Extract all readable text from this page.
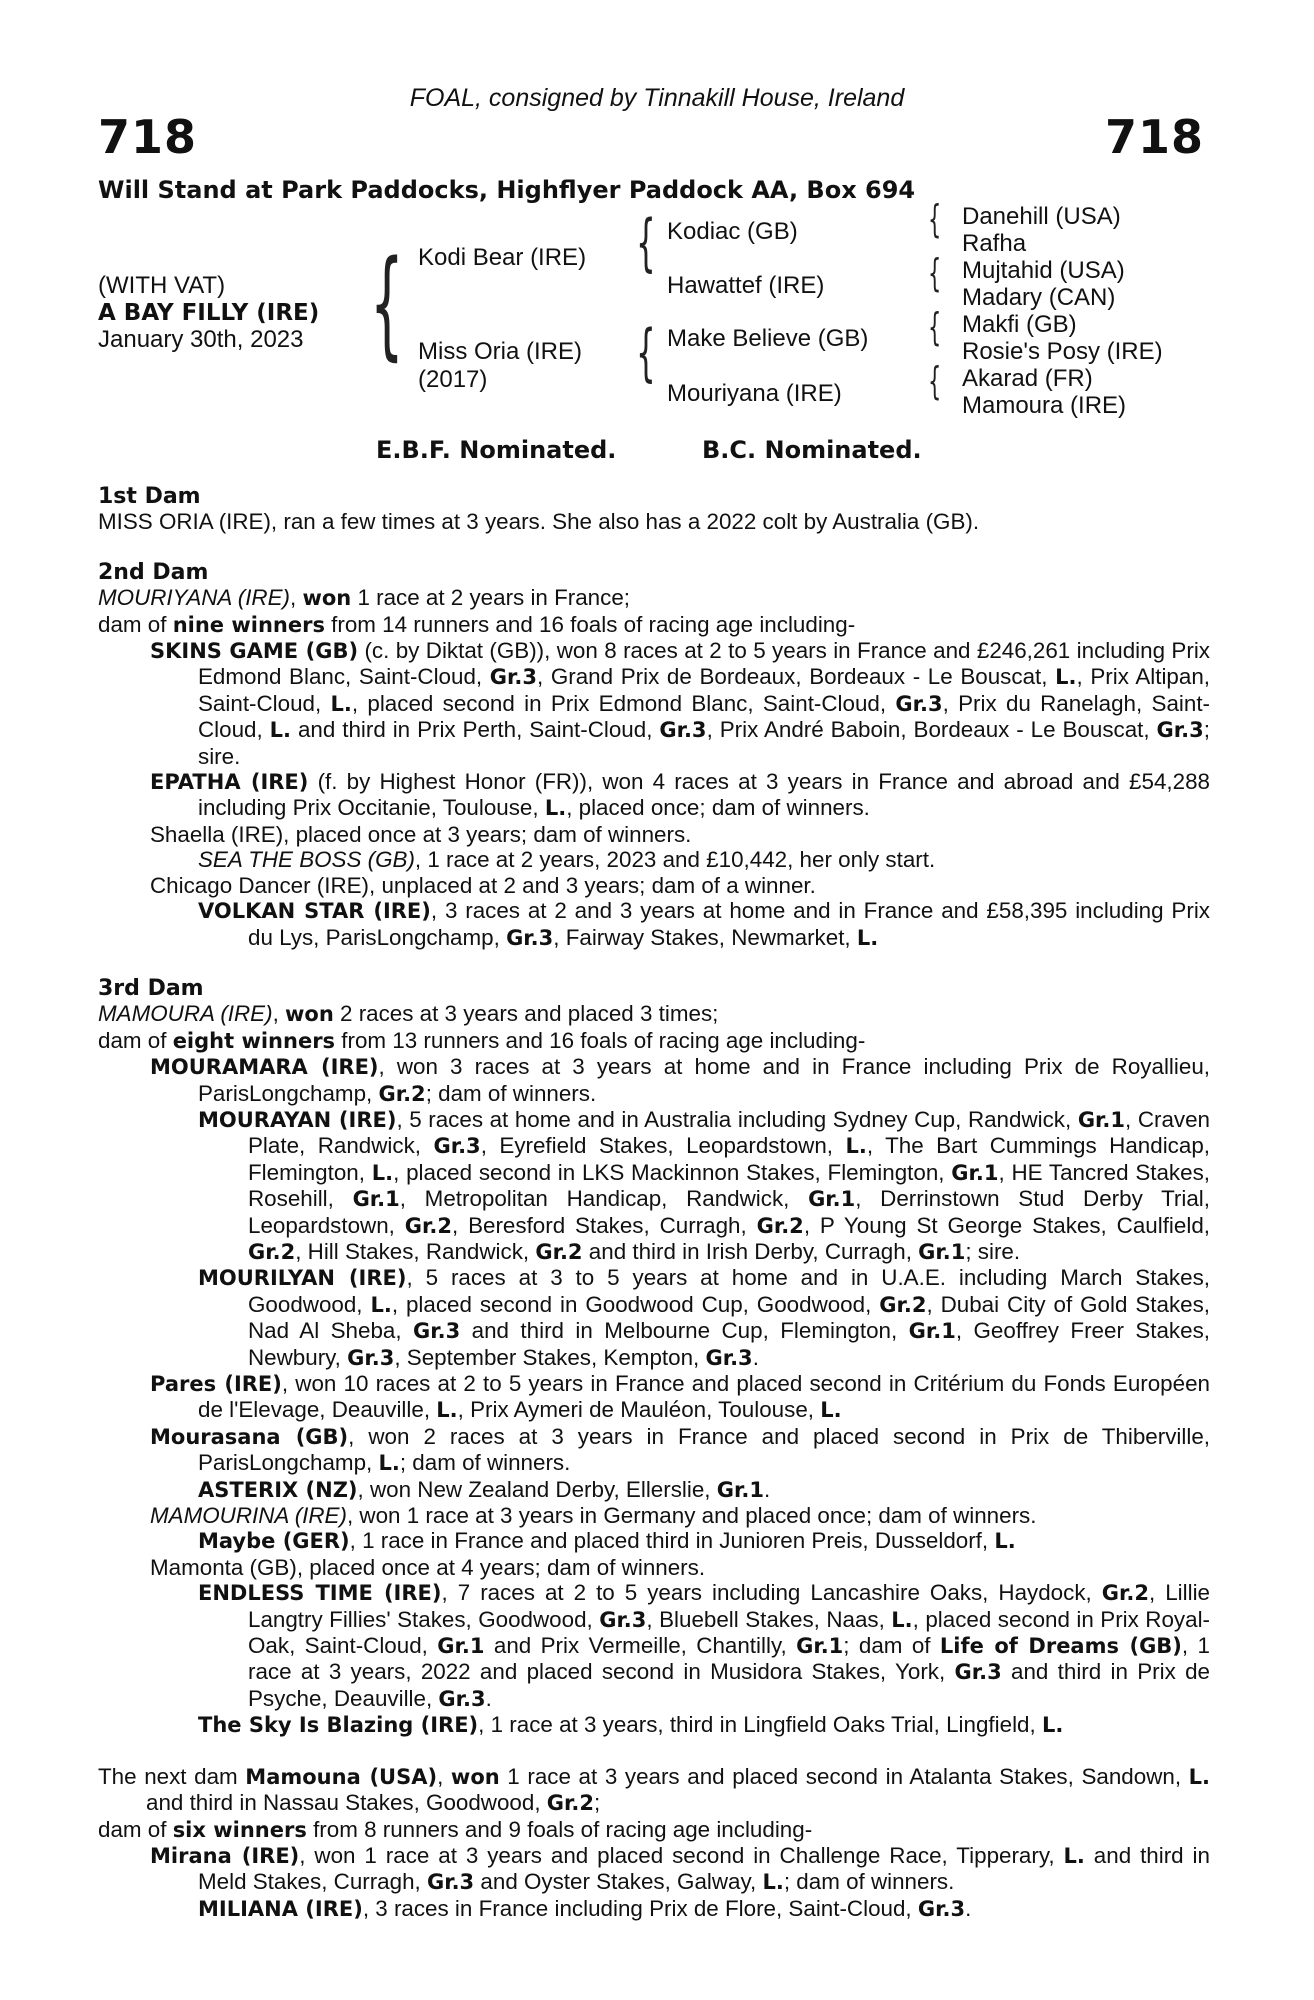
FOAL, consigned by Tinnakill House, Ireland
718	718
Will Stand at Park Paddocks, Highflyer Paddock AA, Box 694
(WITH VAT)
A BAY FILLY (IRE)
January 30th, 2023 { Kodi Bear (IRE)
Miss Oria (IRE)
(2017)
{
{
Kodiac (GB)
Hawattef (IRE)
Make Believe (GB)
Mouriyana (IRE)
{
{
{
{
Danehill (USA)
Rafha
Mujtahid (USA)
Madary (CAN)
Makfi (GB)
Rosie's Posy (IRE)
Akarad (FR)
Mamoura (IRE)
E.B.F. Nominated.	B.C. Nominated.
1st Dam

MISS ORIA (IRE), ran a few times at 3 years. She also has a 2022 colt by Australia (GB).

2nd Dam

MOURIYANA (IRE), won 1 race at 2 years in France;

dam of nine winners from 14 runners and 16 foals of racing age including-

SKINS GAME (GB) (c. by Diktat (GB)), won 8 races at 2 to 5 years in France and £246,261 including Prix Edmond Blanc, Saint-Cloud, Gr.3, Grand Prix de Bordeaux, Bordeaux - Le Bouscat, L., Prix Altipan, Saint-Cloud, L., placed second in Prix Edmond Blanc, Saint-Cloud, Gr.3, Prix du Ranelagh, Saint-Cloud, L. and third in Prix Perth, Saint-Cloud, Gr.3, Prix André Baboin, Bordeaux - Le Bouscat, Gr.3; sire.

EPATHA (IRE) (f. by Highest Honor (FR)), won 4 races at 3 years in France and abroad and £54,288 including Prix Occitanie, Toulouse, L., placed once; dam of winners.

Shaella (IRE), placed once at 3 years; dam of winners.

SEA THE BOSS (GB), 1 race at 2 years, 2023 and £10,442, her only start.

Chicago Dancer (IRE), unplaced at 2 and 3 years; dam of a winner.

VOLKAN STAR (IRE), 3 races at 2 and 3 years at home and in France and £58,395 including Prix du Lys, ParisLongchamp, Gr.3, Fairway Stakes, Newmarket, L.

3rd Dam

MAMOURA (IRE), won 2 races at 3 years and placed 3 times;

dam of eight winners from 13 runners and 16 foals of racing age including-

MOURAMARA (IRE), won 3 races at 3 years at home and in France including Prix de Royallieu, ParisLongchamp, Gr.2; dam of winners.

MOURAYAN (IRE), 5 races at home and in Australia including Sydney Cup, Randwick, Gr.1, Craven Plate, Randwick, Gr.3, Eyrefield Stakes, Leopardstown, L., The Bart Cummings Handicap, Flemington, L., placed second in LKS Mackinnon Stakes, Flemington, Gr.1, HE Tancred Stakes, Rosehill, Gr.1, Metropolitan Handicap, Randwick, Gr.1, Derrinstown Stud Derby Trial, Leopardstown, Gr.2, Beresford Stakes, Curragh, Gr.2, P Young St George Stakes, Caulfield, Gr.2, Hill Stakes, Randwick, Gr.2 and third in Irish Derby, Curragh, Gr.1; sire.

MOURILYAN (IRE), 5 races at 3 to 5 years at home and in U.A.E. including March Stakes, Goodwood, L., placed second in Goodwood Cup, Goodwood, Gr.2, Dubai City of Gold Stakes, Nad Al Sheba, Gr.3 and third in Melbourne Cup, Flemington, Gr.1, Geoffrey Freer Stakes, Newbury, Gr.3, September Stakes, Kempton, Gr.3.

Pares (IRE), won 10 races at 2 to 5 years in France and placed second in Critérium du Fonds Européen de l'Elevage, Deauville, L., Prix Aymeri de Mauléon, Toulouse, L.

Mourasana (GB), won 2 races at 3 years in France and placed second in Prix de Thiberville, ParisLongchamp, L.; dam of winners.

ASTERIX (NZ), won New Zealand Derby, Ellerslie, Gr.1.

MAMOURINA (IRE), won 1 race at 3 years in Germany and placed once; dam of winners.

Maybe (GER), 1 race in France and placed third in Junioren Preis, Dusseldorf, L.

Mamonta (GB), placed once at 4 years; dam of winners.

ENDLESS TIME (IRE), 7 races at 2 to 5 years including Lancashire Oaks, Haydock, Gr.2, Lillie Langtry Fillies' Stakes, Goodwood, Gr.3, Bluebell Stakes, Naas, L., placed second in Prix Royal-Oak, Saint-Cloud, Gr.1 and Prix Vermeille, Chantilly, Gr.1; dam of Life of Dreams (GB), 1 race at 3 years, 2022 and placed second in Musidora Stakes, York, Gr.3 and third in Prix de Psyche, Deauville, Gr.3.

The Sky Is Blazing (IRE), 1 race at 3 years, third in Lingfield Oaks Trial, Lingfield, L.

The next dam Mamouna (USA), won 1 race at 3 years and placed second in Atalanta Stakes, Sandown, L. and third in Nassau Stakes, Goodwood, Gr.2;

dam of six winners from 8 runners and 9 foals of racing age including-

Mirana (IRE), won 1 race at 3 years and placed second in Challenge Race, Tipperary, L. and third in Meld Stakes, Curragh, Gr.3 and Oyster Stakes, Galway, L.; dam of winners.

MILIANA (IRE), 3 races in France including Prix de Flore, Saint-Cloud, Gr.3.
